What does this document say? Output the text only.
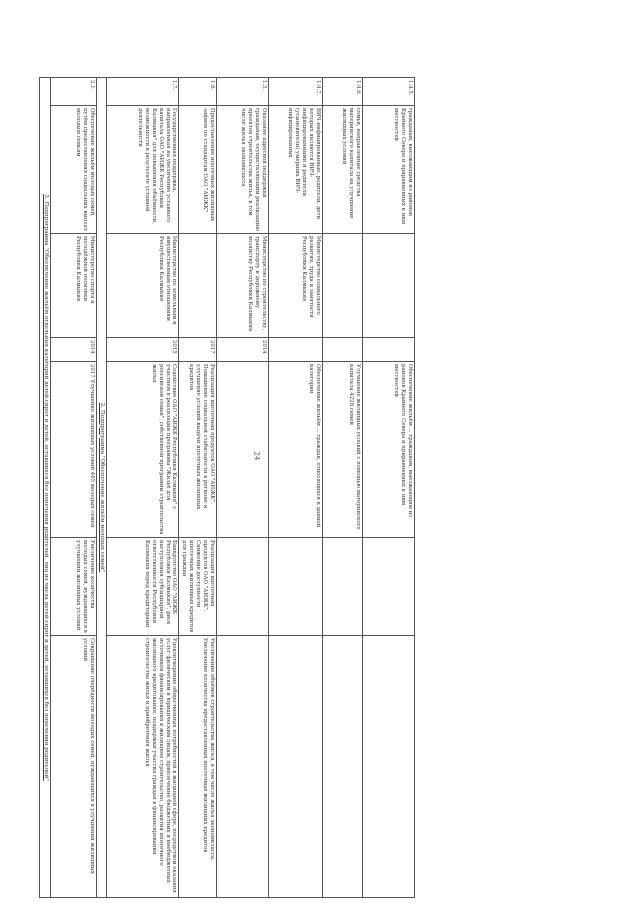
24
1.4.5.	гражданам, выезжающим из районов Крайнего Севера и приравненных к ним местностей			Обеспечение жильём ... гражданам, выезжающим из районов Крайнего Севера и приравненных к ним местностей		
1.4.6.	семьи, направленные средства материнского капитала на улучшение жилищных условий			Улучшение жилищных условий с помощью материнского капитала 4228 семей		
1.4.7.	ВИЧ-инфицированные, родители, дети которых являются ВИЧ-инфицированными и родители (усыновители) умерших ВИЧ-инфицированных	Министерство социального развития, труда и занятости Республики Калмыкия		Обеспечение жильём ... граждан, относящихся к данной категории		
1.5.	Оказание адресной поддержки гражданам, осуществляющим реализацию проектов строительства жилья, в том числе жилья экономкласса	Министерство по строительству, транспорту и дорожному хозяйству Республики Калмыкия	2014			
1.6.	Предоставление ипотечных жилищных займов по стандартам ОАО "АИЖК"		2017	Реализация ипотечных продуктов ОАО "АИЖК". Повышение социальной стабильности в регионе и улучшение условий выдачи ипотечных жилищных кредитов	Реализация ипотечных продуктов ОАО "АИЖК". Снижение доступности ипотечных жилищных кредитов для граждан	Увеличение объёмов строительства жилья, в том числе жилья экономкласса. Увеличение количества предоставленных ипотечных жилищных кредитов
1.7.	Государственная поддержка, направленная на увеличение уставного капитала ОАО "АИЖК Республики Калмыкия" для повышения объёмности, возможности в результате уставной деятельности	Министерство по земельным и имущественным отношениям Республики Калмыкия	2015	Содействие ОАО "АИЖК Республики Калмыкия" с участием в реализации программы "Жильё для российской семьи", собственной программы строительства жилья	Банкротство ОАО "АИЖК Республики Калмыкия", риск наступления субсидиарной ответственности Республики Калмыкия перед кредиторами	Удовлетворение общественных потребностей в жилищной сфере, посредством оказания услуг физическим и юридическим лицам, привлечение бюджетных и внебюджетных источников финансирования в жилищное строительство, развития ипотечного жилищного кредитования, поддержки участия граждан в финансировании строительства жилья и приобретения жилья
2. Подпрограмма "Обеспечение жильём молодых семей"						
2.1.	Обеспечение жильём молодых семей, путём предоставления социальных выплат молодым семьям	Министерство спорта и молодёжной политики Республики Калмыкия	2014	2017 Улучшение жилищных условий 465 молодых семей	Увеличение количества молодых семей, нуждающихся в улучшении жилищных условий	Сокращение очерёдности молодых семей, нуждающихся в улучшении жилищных условий
3. Подпрограмма "Обеспечение жильём отдельных категорий детей-сирот и детей, оставшихся без попечения родителей, лиц из числа детей-сирот и детей, оставшихся без попечения родителей"						
